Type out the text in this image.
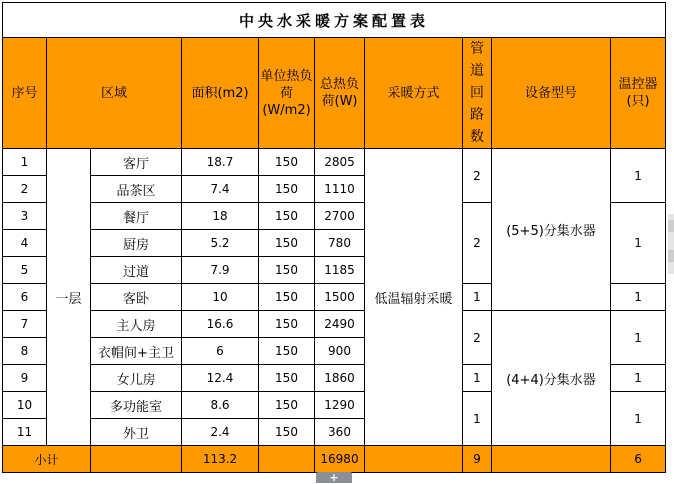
中央水采暖方案配置表									
序号	区域		面积(m2)	单位热负荷(W/m2)	总热负荷(W)	采暖方式	管道回路数	设备型号	温控器(只)
1	一层	客厅	18.7	150	2805	低温辐射采暖	2	(5+5)分集水器	1
2		品茶区	7.4	150	1110				
3		餐厅	18	150	2700		2		1
4		厨房	5.2	150	780				
5		过道	7.9	150	1185				
6		客卧	10	150	1500		1		1
7		主人房	16.6	150	2490		2	(4+4)分集水器	1
8		衣帽间+主卫	6	150	900				
9		女儿房	12.4	150	1860		1		1
10		多功能室	8.6	150	1290		1		1
11		外卫	2.4	150	360				
小计			113.2		16980		9		6
+
